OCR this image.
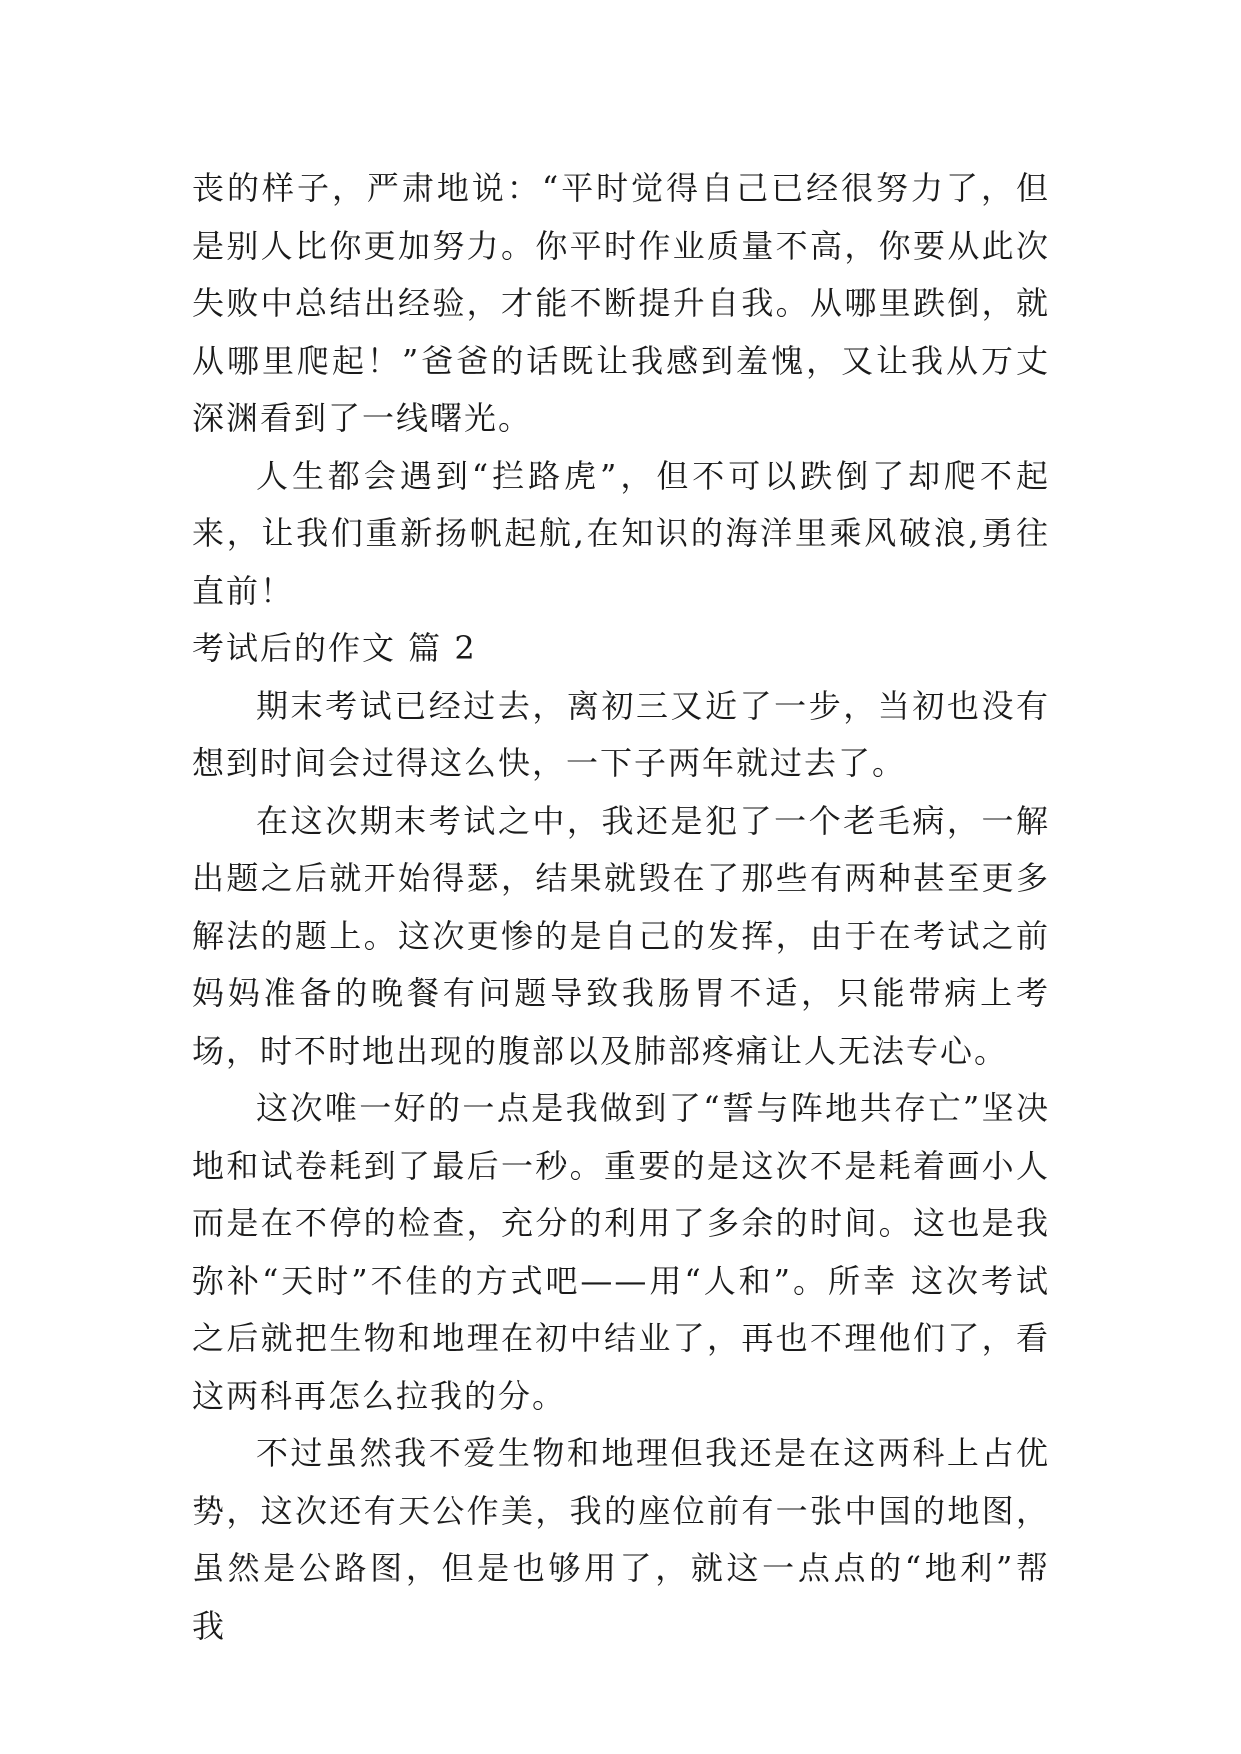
丧的样子，严肃地说：“平时觉得自己已经很努力了，但是别人比你更加努力。你平时作业质量不高，你要从此次失败中总结出经验，才能不断提升自我。从哪里跌倒，就从哪里爬起！”爸爸的话既让我感到羞愧，又让我从万丈深渊看到了一线曙光。

人生都会遇到“拦路虎”，但不可以跌倒了却爬不起来，让我们重新扬帆起航,在知识的海洋里乘风破浪,勇往直前！

考试后的作文 篇 2

期末考试已经过去，离初三又近了一步，当初也没有想到时间会过得这么快，一下子两年就过去了。

在这次期末考试之中，我还是犯了一个老毛病，一解出题之后就开始得瑟，结果就毁在了那些有两种甚至更多解法的题上。这次更惨的是自己的发挥，由于在考试之前妈妈准备的晚餐有问题导致我肠胃不适，只能带病上考场，时不时地出现的腹部以及肺部疼痛让人无法专心。

这次唯一好的一点是我做到了“誓与阵地共存亡”坚决地和试卷耗到了最后一秒。重要的是这次不是耗着画小人而是在不停的检查，充分的利用了多余的时间。这也是我弥补“天时”不佳的方式吧——用“人和”。所幸 这次考试之后就把生物和地理在初中结业了，再也不理他们了，看这两科再怎么拉我的分。

不过虽然我不爱生物和地理但我还是在这两科上占优势，这次还有天公作美，我的座位前有一张中国的地图，虽然是公路图，但是也够用了，就这一点点的“地利”帮 我
